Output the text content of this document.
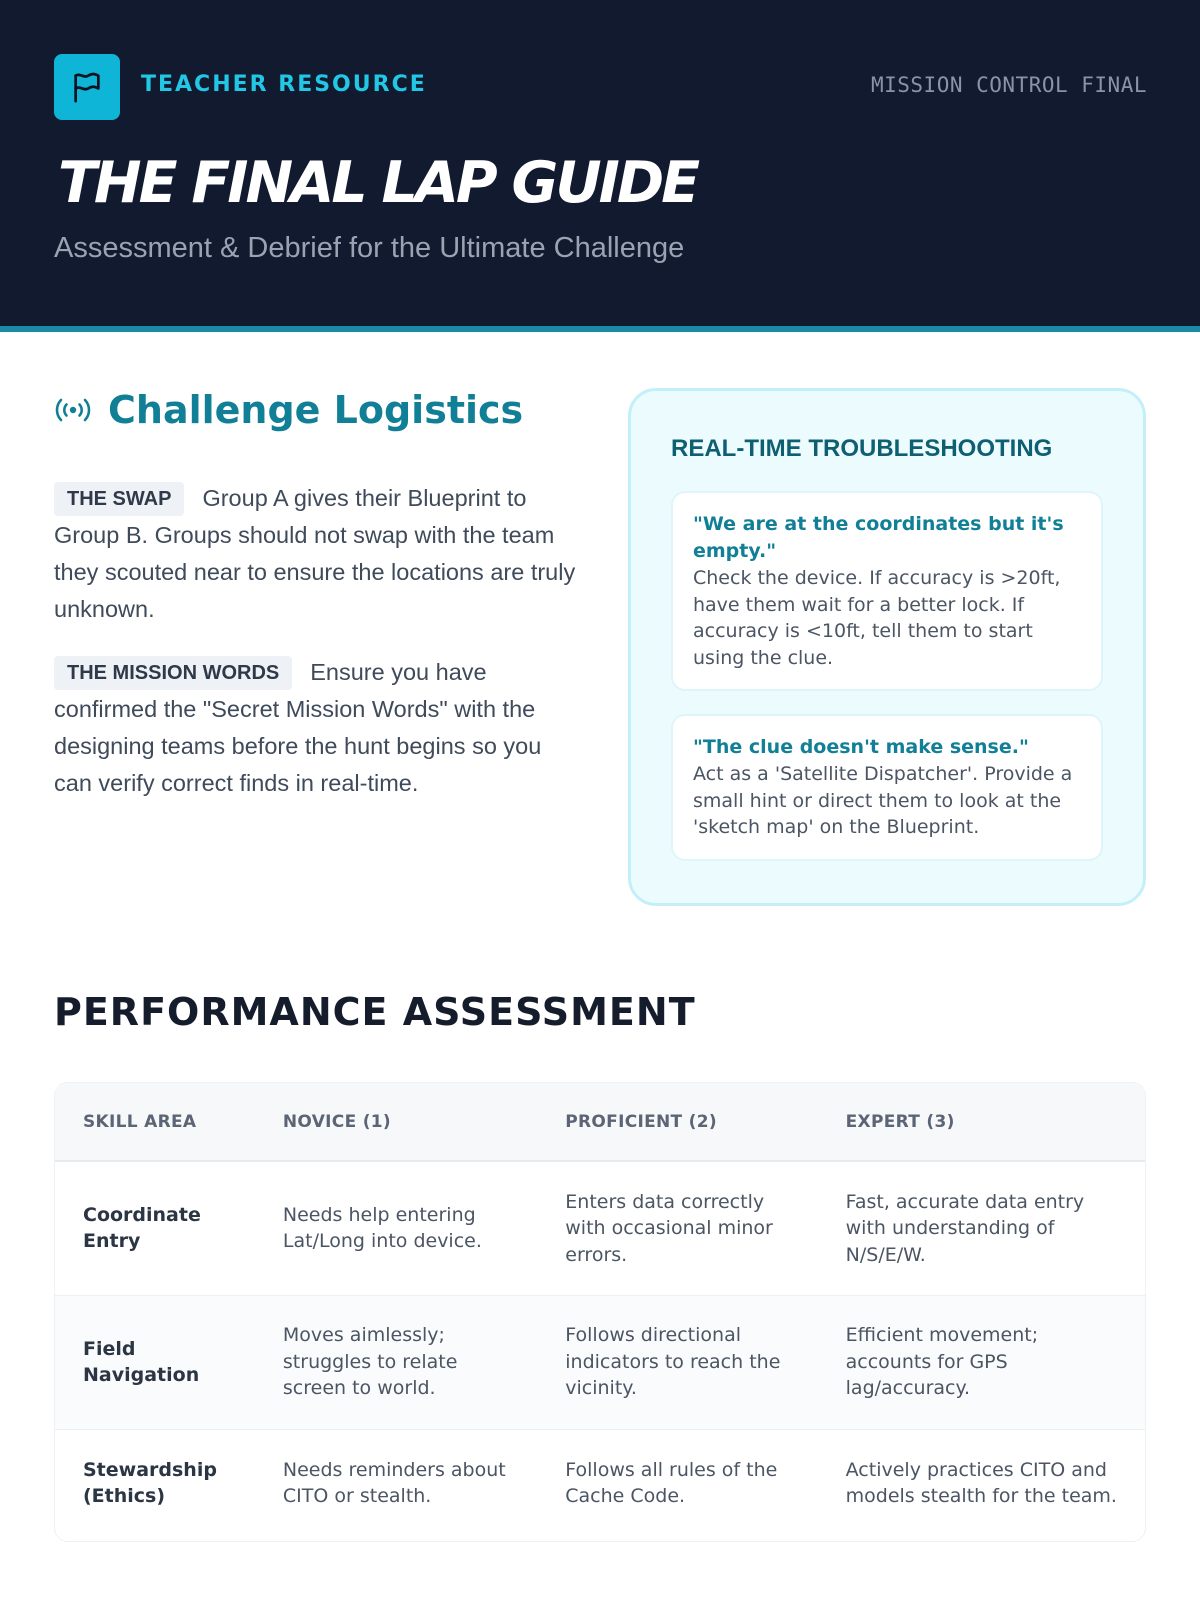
TEACHER RESOURCE	MISSION CONTROL FINAL
THE FINAL LAP GUIDE
Assessment & Debrief for the Ultimate Challenge
Challenge Logistics

THE SWAP Group A gives their Blueprint to Group B. Groups should not swap with the team they scouted near to ensure the locations are truly unknown.

THE MISSION WORDS Ensure you have confirmed the "Secret Mission Words" with the designing teams before the hunt begins so you can verify correct finds in real-time.

REAL-TIME TROUBLESHOOTING
"We are at the coordinates but it's empty."
Check the device. If accuracy is >20ft, have them wait for a better lock. If accuracy is <10ft, tell them to start using the clue.
"The clue doesn't make sense."
Act as a 'Satellite Dispatcher'. Provide a small hint or direct them to look at the 'sketch map' on the Blueprint.
PERFORMANCE ASSESSMENT
SKILL AREA	NOVICE (1)	PROFICIENT (2)	EXPERT (3)
Coordinate Entry	Needs help entering Lat/Long into device.	Enters data correctly with occasional minor errors.	Fast, accurate data entry with understanding of N/S/E/W.
Field Navigation	Moves aimlessly; struggles to relate screen to world.	Follows directional indicators to reach the vicinity.	Efficient movement; accounts for GPS lag/accuracy.
Stewardship (Ethics)	Needs reminders about CITO or stealth.	Follows all rules of the Cache Code.	Actively practices CITO and models stealth for the team.
